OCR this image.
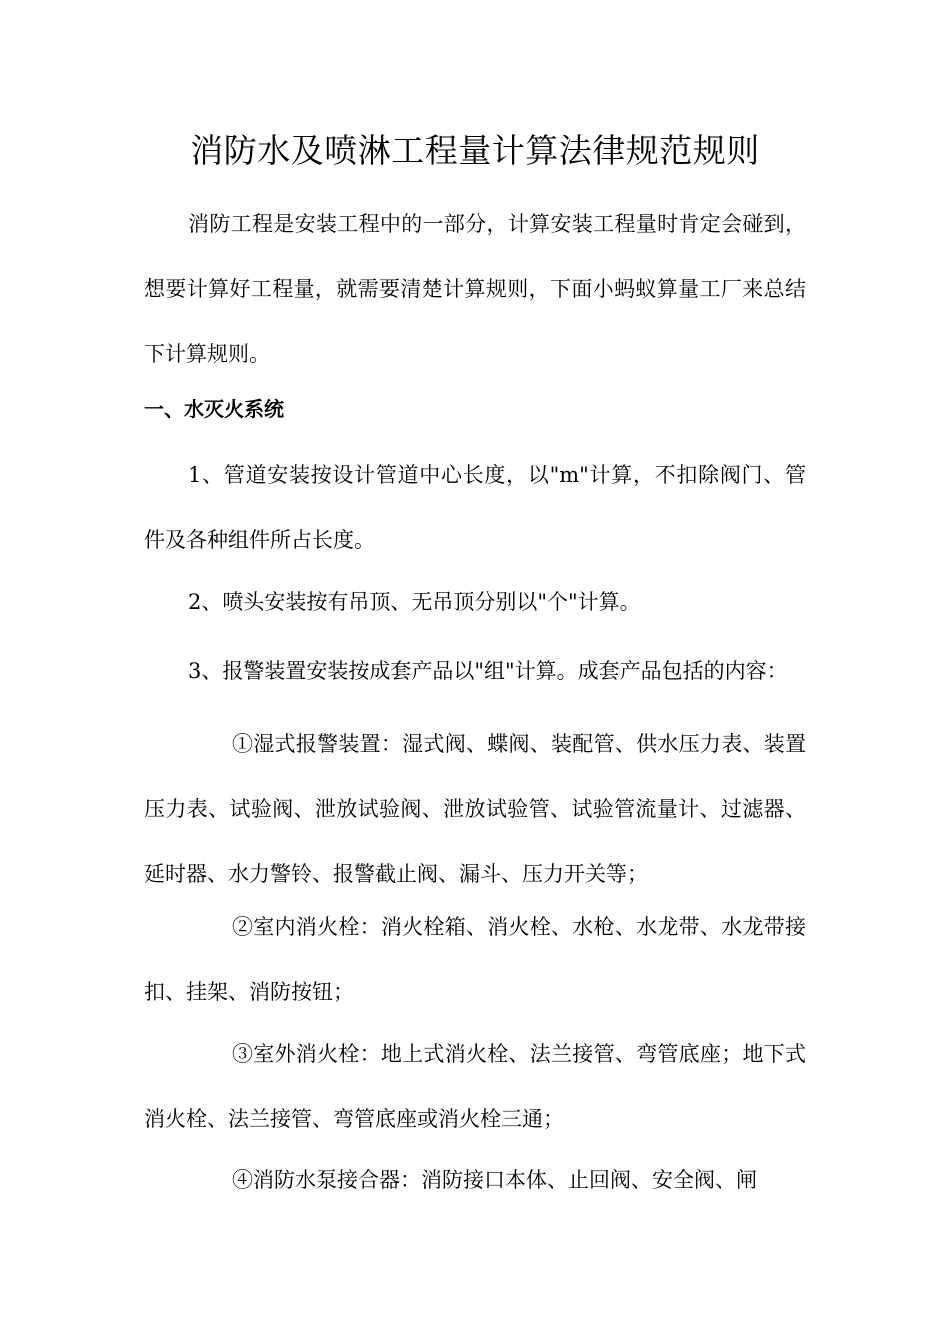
消防水及喷淋工程量计算法律规范规则

消防工程是安装工程中的一部分，计算安装工程量时肯定会碰到，想要计算好工程量，就需要清楚计算规则，下面小蚂蚁算量工厂来总结下计算规则。

一、水灭火系统

1、管道安装按设计管道中心长度，以"m"计算，不扣除阀门、管件及各种组件所占长度。

2、喷头安装按有吊顶、无吊顶分别以"个"计算。

3、报警装置安装按成套产品以"组"计算。成套产品包括的内容：

①湿式报警装置：湿式阀、蝶阀、装配管、供水压力表、装置压力表、试验阀、泄放试验阀、泄放试验管、试验管流量计、过滤器、延时器、水力警铃、报警截止阀、漏斗、压力开关等；

②室内消火栓：消火栓箱、消火栓、水枪、水龙带、水龙带接扣、挂架、消防按钮；

③室外消火栓：地上式消火栓、法兰接管、弯管底座；地下式消火栓、法兰接管、弯管底座或消火栓三通；

④消防水泵接合器：消防接口本体、止回阀、安全阀、闸
